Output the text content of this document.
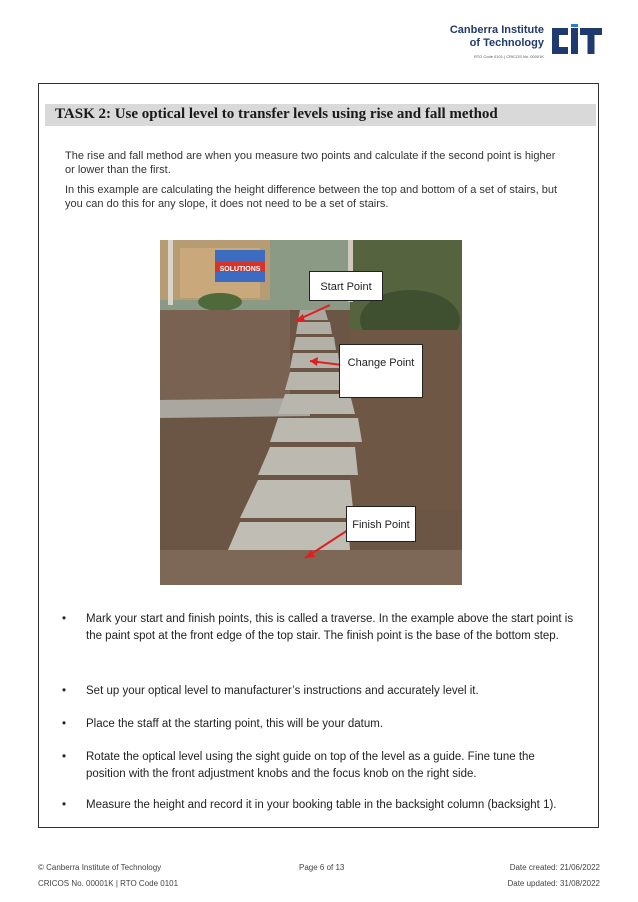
Canberra Institute
of Technology
RTO Code 0101 | CRICOS No. 00001K
TASK 2: Use optical level to transfer levels using rise and fall method
The rise and fall method are when you measure two points and calculate if the second point is higher or lower than the first.
In this example are calculating the height difference between the top and bottom of a set of stairs, but you can do this for any slope, it does not need to be a set of stairs.
SOLUTIONS
Start Point
Change Point
Finish Point
•	Mark your start and finish points, this is called a traverse. In the example above the start point is the paint spot at the front edge of the top stair. The finish point is the base of the bottom step.
•	Set up your optical level to manufacturer’s instructions and accurately level it.
•	Place the staff at the starting point, this will be your datum.
•	Rotate the optical level using the sight guide on top of the level as a guide. Fine tune the position with the front adjustment knobs and the focus knob on the right side.
•	Measure the height and record it in your booking table in the backsight column (backsight 1).
© Canberra Institute of Technology
CRICOS No. 00001K | RTO Code 0101
Page 6 of 13	Date created: 21/06/2022
Date updated: 31/08/2022
